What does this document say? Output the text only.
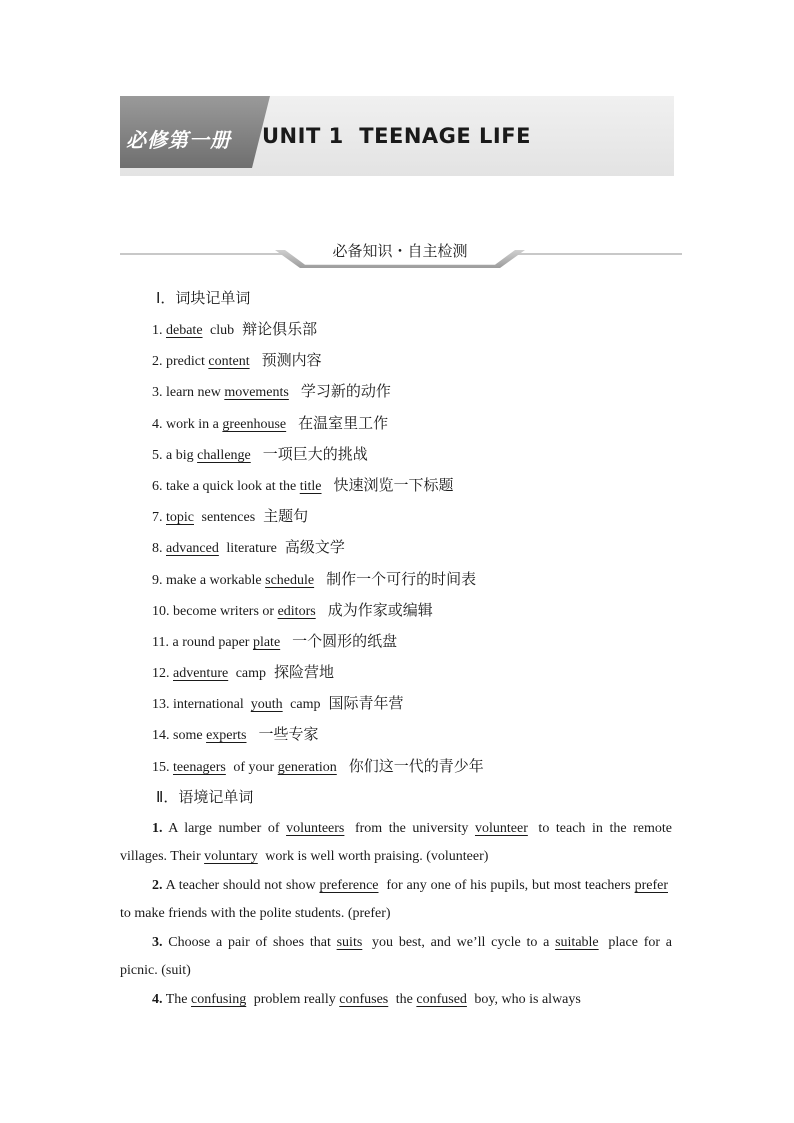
必修第一册 UNIT 1  TEENAGE LIFE
必备知识・自主检测
Ⅰ．词块记单词
1. debate club 辩论俱乐部
2. predict content 预测内容
3. learn new movements 学习新的动作
4. work in a greenhouse 在温室里工作
5. a big challenge 一项巨大的挑战
6. take a quick look at the title 快速浏览一下标题
7. topic sentences 主题句
8. advanced literature 高级文学
9. make a workable schedule 制作一个可行的时间表
10. become writers or editors 成为作家或编辑
11. a round paper plate 一个圆形的纸盘
12. adventure camp 探险营地
13. international  youth camp 国际青年营
14. some experts 一些专家
15. teenagers of your generation 你们这一代的青少年
Ⅱ．语境记单词

1. A large number of volunteers from the university volunteer to teach in the remote villages. Their voluntary work is well worth praising. (volunteer)

2. A teacher should not show preference for any one of his pupils, but most teachers prefer to make friends with the polite students. (prefer)

3. Choose a pair of shoes that suits you best, and we’ll cycle to a suitable place for a picnic. (suit)

4. The confusing problem really confuses the confused boy, who is always
